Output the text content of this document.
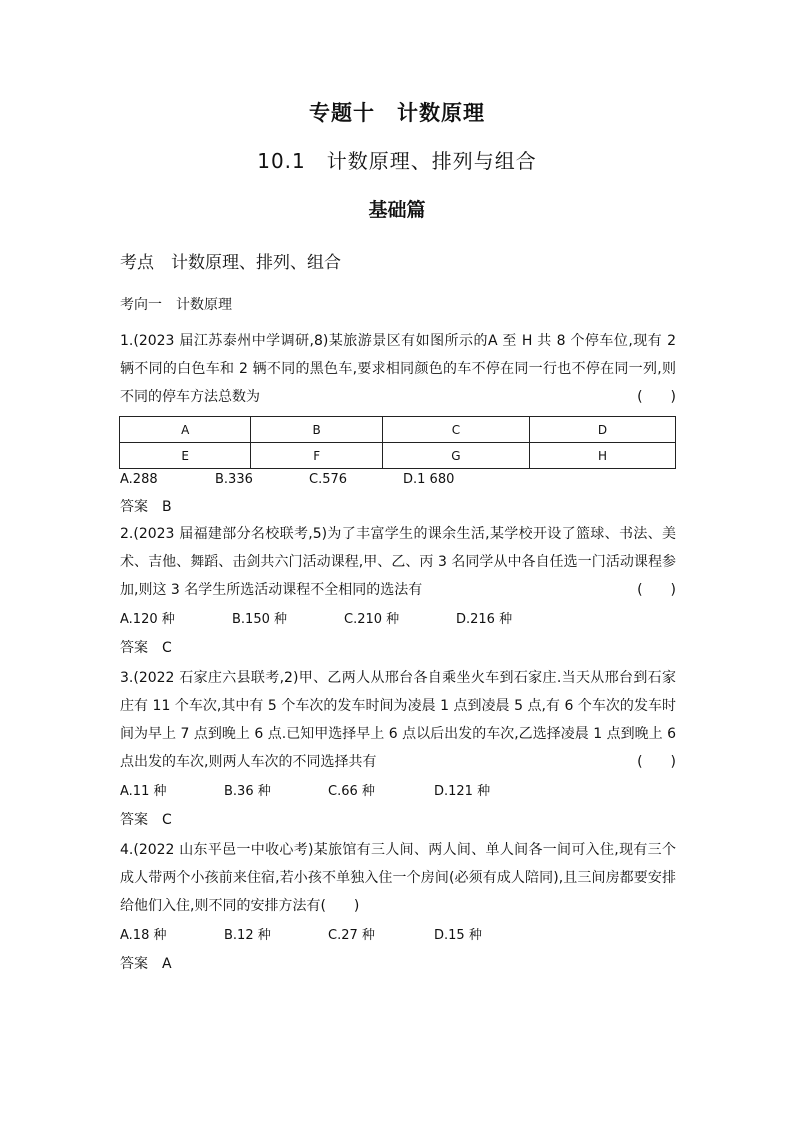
专题十　计数原理
10.1　计数原理、排列与组合
基础篇
考点　计数原理、排列、组合
考向一　计数原理
1.(2023 届江苏泰州中学调研,8)某旅游景区有如图所示的A 至 H 共 8 个停车位,现有 2 辆不同的白色车和 2 辆不同的黑色车,要求相同颜色的车不停在同一行也不停在同一列,则不同的停车方法总数为	(　　)
A	B	C	D
E	F	G	H
A.288	B.336	C.576	D.1 680
答案 B
2.(2023 届福建部分名校联考,5)为了丰富学生的课余生活,某学校开设了篮球、书法、美术、吉他、舞蹈、击剑共六门活动课程,甲、乙、丙 3 名同学从中各自任选一门活动课程参加,则这 3 名学生所选活动课程不全相同的选法有	(　　)
A.120 种	B.150 种	C.210 种	D.216 种
答案 C
3.(2022 石家庄六县联考,2)甲、乙两人从邢台各自乘坐火车到石家庄.当天从邢台到石家庄有 11 个车次,其中有 5 个车次的发车时间为凌晨 1 点到凌晨 5 点,有 6 个车次的发车时间为早上 7 点到晚上 6 点.已知甲选择早上 6 点以后出发的车次,乙选择凌晨 1 点到晚上 6 点出发的车次,则两人车次的不同选择共有	(　　)
A.11 种	B.36 种	C.66 种	D.121 种
答案 C
4.(2022 山东平邑一中收心考)某旅馆有三人间、两人间、单人间各一间可入住,现有三个成人带两个小孩前来住宿,若小孩不单独入住一个房间(必须有成人陪同),且三间房都要安排给他们入住,则不同的安排方法有(　　)
A.18 种	B.12 种	C.27 种	D.15 种
答案 A
